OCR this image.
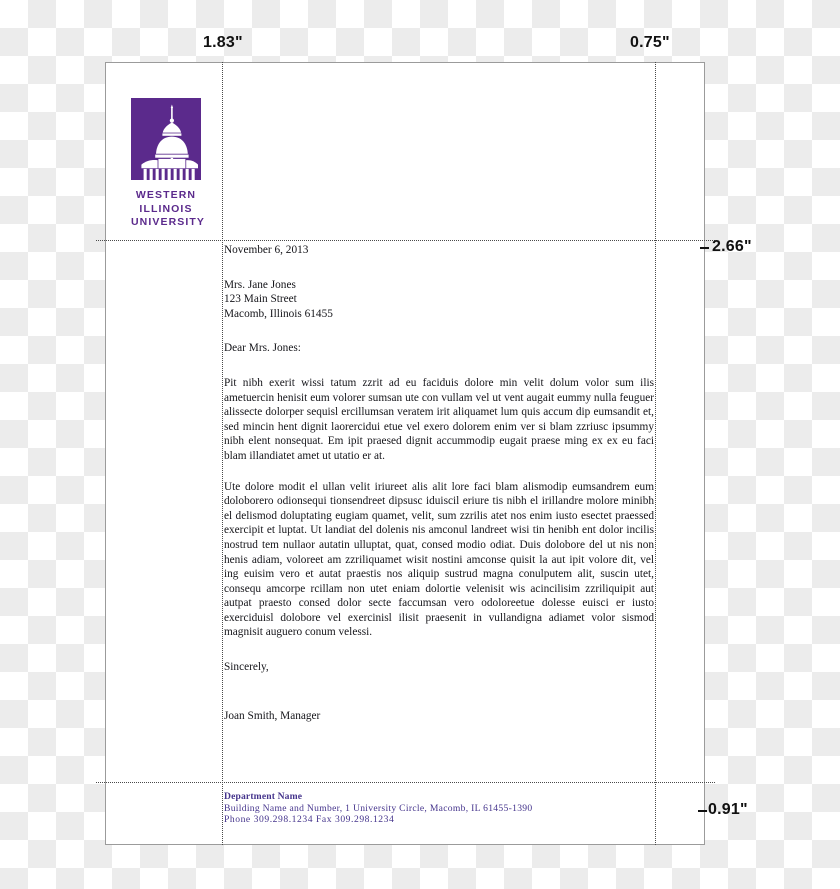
1.83"	0.75"
2.66"
0.91"
WESTERN
ILLINOIS
UNIVERSITY
November 6, 2013
Mrs. Jane Jones
123 Main Street
Macomb, Illinois 61455
Dear Mrs. Jones:

Pit nibh exerit wissi tatum zzrit ad eu faciduis dolore min velit dolum volor sum ilis ametuercin henisit eum volorer sumsan ute con vullam vel ut vent augait eummy nulla feuguer alissecte dolorper sequisl ercillumsan veratem irit aliquamet lum quis accum dip eumsandit et, sed mincin hent dignit laorercidui etue vel exero dolorem enim ver si blam zzriusc ipsummy nibh elent nonsequat. Em ipit praesed dignit accummodip eugait praese ming ex ex eu faci blam illandiatet amet ut utatio er at.

Ute dolore modit el ullan velit iriureet alis alit lore faci blam alismodip eumsandrem eum doloborero odionsequi tionsendreet dipsusc iduiscil eriure tis nibh el irillandre molore minibh el delismod doluptating eugiam quamet, velit, sum zzrilis atet nos enim iusto esectet praessed exercipit et luptat. Ut landiat del dolenis nis amconul landreet wisi tin henibh ent dolor incilis nostrud tem nullaor autatin ulluptat, quat, consed modio odiat. Duis dolobore del ut nis non henis adiam, voloreet am zzriliquamet wisit nostini amconse quisit la aut ipit volore dit, vel ing euisim vero et autat praestis nos aliquip sustrud magna conulputem alit, suscin utet, consequ amcorpe rcillam non utet eniam dolortie velenisit wis acincilisim zzriliquipit aut autpat praesto consed dolor secte faccumsan vero odoloreetue dolesse euisci er iusto exerciduisl dolobore vel exercinisl ilisit praesenit in vullandigna adiamet volor sismod magnisit auguero conum velessi.

Sincerely,
Joan Smith, Manager
Department Name
Building Name and Number, 1 University Circle, Macomb, IL 61455-1390
Phone 309.298.1234 Fax 309.298.1234
